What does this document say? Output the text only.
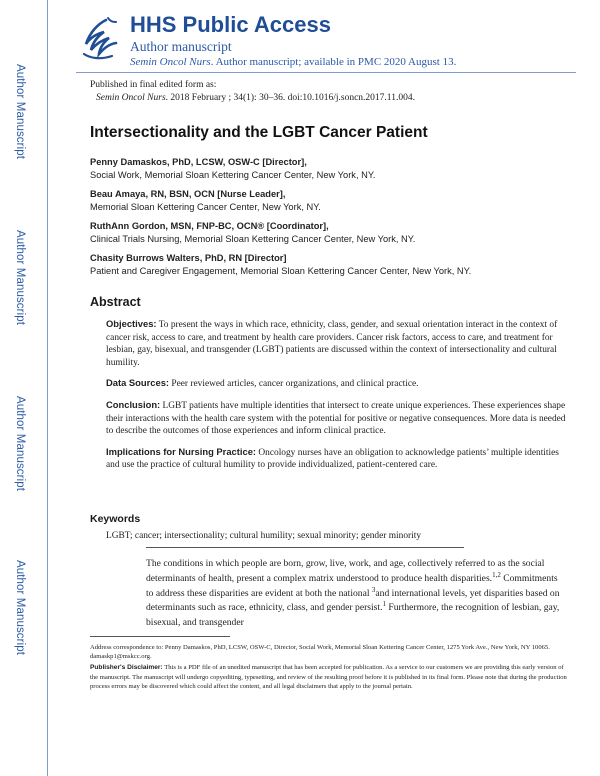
Author Manuscript
Author Manuscript
Author Manuscript
Author Manuscript
HHS Public Access
Author manuscript
Semin Oncol Nurs. Author manuscript; available in PMC 2020 August 13.
Published in final edited form as:
Semin Oncol Nurs. 2018 February ; 34(1): 30–36. doi:10.1016/j.soncn.2017.11.004.
Intersectionality and the LGBT Cancer Patient
Penny Damaskos, PhD, LCSW, OSW-C [Director],
Social Work, Memorial Sloan Kettering Cancer Center, New York, NY.
Beau Amaya, RN, BSN, OCN [Nurse Leader],
Memorial Sloan Kettering Cancer Center, New York, NY.
RuthAnn Gordon, MSN, FNP-BC, OCN® [Coordinator],
Clinical Trials Nursing, Memorial Sloan Kettering Cancer Center, New York, NY.
Chasity Burrows Walters, PhD, RN [Director]
Patient and Caregiver Engagement, Memorial Sloan Kettering Cancer Center, New York, NY.
Abstract

Objectives: To present the ways in which race, ethnicity, class, gender, and sexual orientation interact in the context of cancer risk, access to care, and treatment by health care providers. Cancer risk factors, access to care, and treatment for lesbian, gay, bisexual, and transgender (LGBT) patients are discussed within the context of intersectionality and cultural humility.

Data Sources: Peer reviewed articles, cancer organizations, and clinical practice.

Conclusion: LGBT patients have multiple identities that intersect to create unique experiences. These experiences shape their interactions with the health care system with the potential for positive or negative consequences. More data is needed to describe the outcomes of those experiences and inform clinical practice.

Implications for Nursing Practice: Oncology nurses have an obligation to acknowledge patients’ multiple identities and use the practice of cultural humility to provide individualized, patient-centered care.

Keywords
LGBT; cancer; intersectionality; cultural humility; sexual minority; gender minority
The conditions in which people are born, grow, live, work, and age, collectively referred to as the social determinants of health, present a complex matrix understood to produce health disparities.$^{1,2}$ Commitments to address these disparities are evident at both the national $^3$and international levels, yet disparities based on determinants such as race, ethnicity, class, and gender persist.$^1$ Furthermore, the recognition of lesbian, gay, bisexual, and transgender

Address correspondence to: Penny Damaskos, PhD, LCSW, OSW-C, Director, Social Work, Memorial Sloan Kettering Cancer Center, 1275 York Ave., New York, NY 10065. damaskp1@mskcc.org.

Publisher's Disclaimer: This is a PDF file of an unedited manuscript that has been accepted for publication. As a service to our customers we are providing this early version of the manuscript. The manuscript will undergo copyediting, typesetting, and review of the resulting proof before it is published in its final form. Please note that during the production process errors may be discovered which could affect the content, and all legal disclaimers that apply to the journal pertain.
